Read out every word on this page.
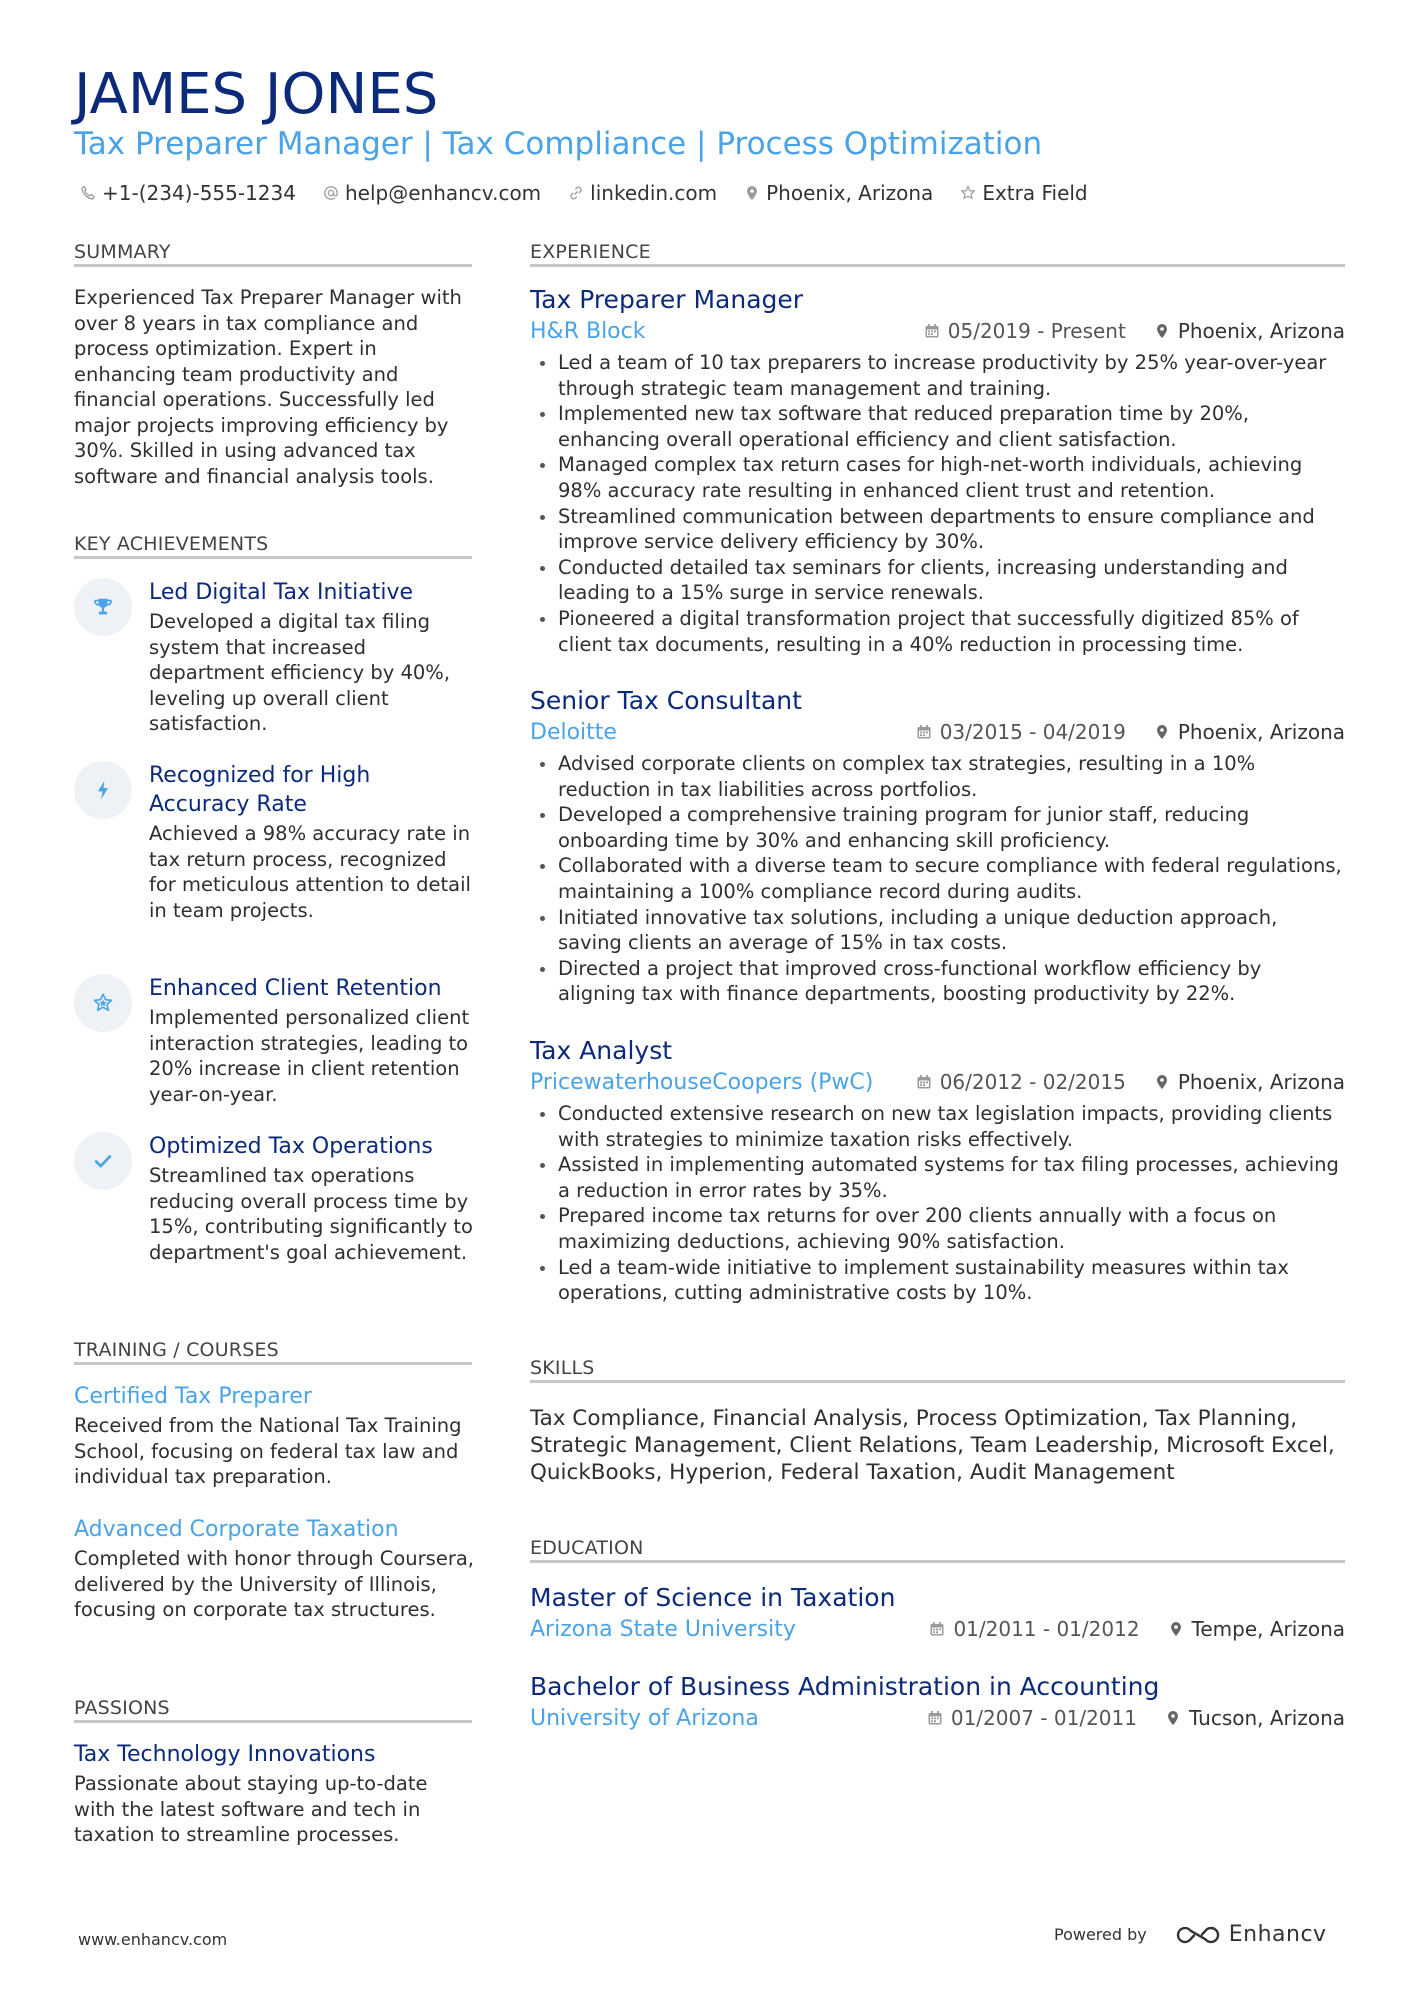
JAMES JONES
Tax Preparer Manager | Tax Compliance | Process Optimization
+1-(234)-555-1234 help@enhancv.com linkedin.com Phoenix, Arizona Extra Field
SUMMARY
Experienced Tax Preparer Manager with over 8 years in tax compliance and process optimization. Expert in enhancing team productivity and financial operations. Successfully led major projects improving efficiency by 30%. Skilled in using advanced tax software and financial analysis tools.
KEY ACHIEVEMENTS
Led Digital Tax Initiative
Developed a digital tax filing system that increased department efficiency by 40%, leveling up overall client satisfaction.
Recognized for High Accuracy Rate
Achieved a 98% accuracy rate in tax return process, recognized for meticulous attention to detail in team projects.
Enhanced Client Retention
Implemented personalized client interaction strategies, leading to 20% increase in client retention year-on-year.
Optimized Tax Operations
Streamlined tax operations reducing overall process time by 15%, contributing significantly to department's goal achievement.
TRAINING / COURSES
Certified Tax Preparer
Received from the National Tax Training School, focusing on federal tax law and individual tax preparation.
Advanced Corporate Taxation
Completed with honor through Coursera, delivered by the University of Illinois, focusing on corporate tax structures.
PASSIONS
Tax Technology Innovations
Passionate about staying up-to-date with the latest software and tech in taxation to streamline processes.
EXPERIENCE
Tax Preparer Manager
H&R Block	05/2019 - Present	Phoenix, Arizona
Led a team of 10 tax preparers to increase productivity by 25% year-over-year through strategic team management and training.
Implemented new tax software that reduced preparation time by 20%, enhancing overall operational efficiency and client satisfaction.
Managed complex tax return cases for high-net-worth individuals, achieving 98% accuracy rate resulting in enhanced client trust and retention.
Streamlined communication between departments to ensure compliance and improve service delivery efficiency by 30%.
Conducted detailed tax seminars for clients, increasing understanding and leading to a 15% surge in service renewals.
Pioneered a digital transformation project that successfully digitized 85% of client tax documents, resulting in a 40% reduction in processing time.
Senior Tax Consultant
Deloitte	03/2015 - 04/2019	Phoenix, Arizona
Advised corporate clients on complex tax strategies, resulting in a 10% reduction in tax liabilities across portfolios.
Developed a comprehensive training program for junior staff, reducing onboarding time by 30% and enhancing skill proficiency.
Collaborated with a diverse team to secure compliance with federal regulations, maintaining a 100% compliance record during audits.
Initiated innovative tax solutions, including a unique deduction approach, saving clients an average of 15% in tax costs.
Directed a project that improved cross-functional workflow efficiency by aligning tax with finance departments, boosting productivity by 22%.
Tax Analyst
PricewaterhouseCoopers (PwC)	06/2012 - 02/2015	Phoenix, Arizona
Conducted extensive research on new tax legislation impacts, providing clients with strategies to minimize taxation risks effectively.
Assisted in implementing automated systems for tax filing processes, achieving a reduction in error rates by 35%.
Prepared income tax returns for over 200 clients annually with a focus on maximizing deductions, achieving 90% satisfaction.
Led a team-wide initiative to implement sustainability measures within tax operations, cutting administrative costs by 10%.
SKILLS
Tax Compliance, Financial Analysis, Process Optimization, Tax Planning, Strategic Management, Client Relations, Team Leadership, Microsoft Excel, QuickBooks, Hyperion, Federal Taxation, Audit Management
EDUCATION
Master of Science in Taxation
Arizona State University	01/2011 - 01/2012	Tempe, Arizona
Bachelor of Business Administration in Accounting
University of Arizona	01/2007 - 01/2011	Tucson, Arizona
www.enhancv.com	Powered by	Enhancv
